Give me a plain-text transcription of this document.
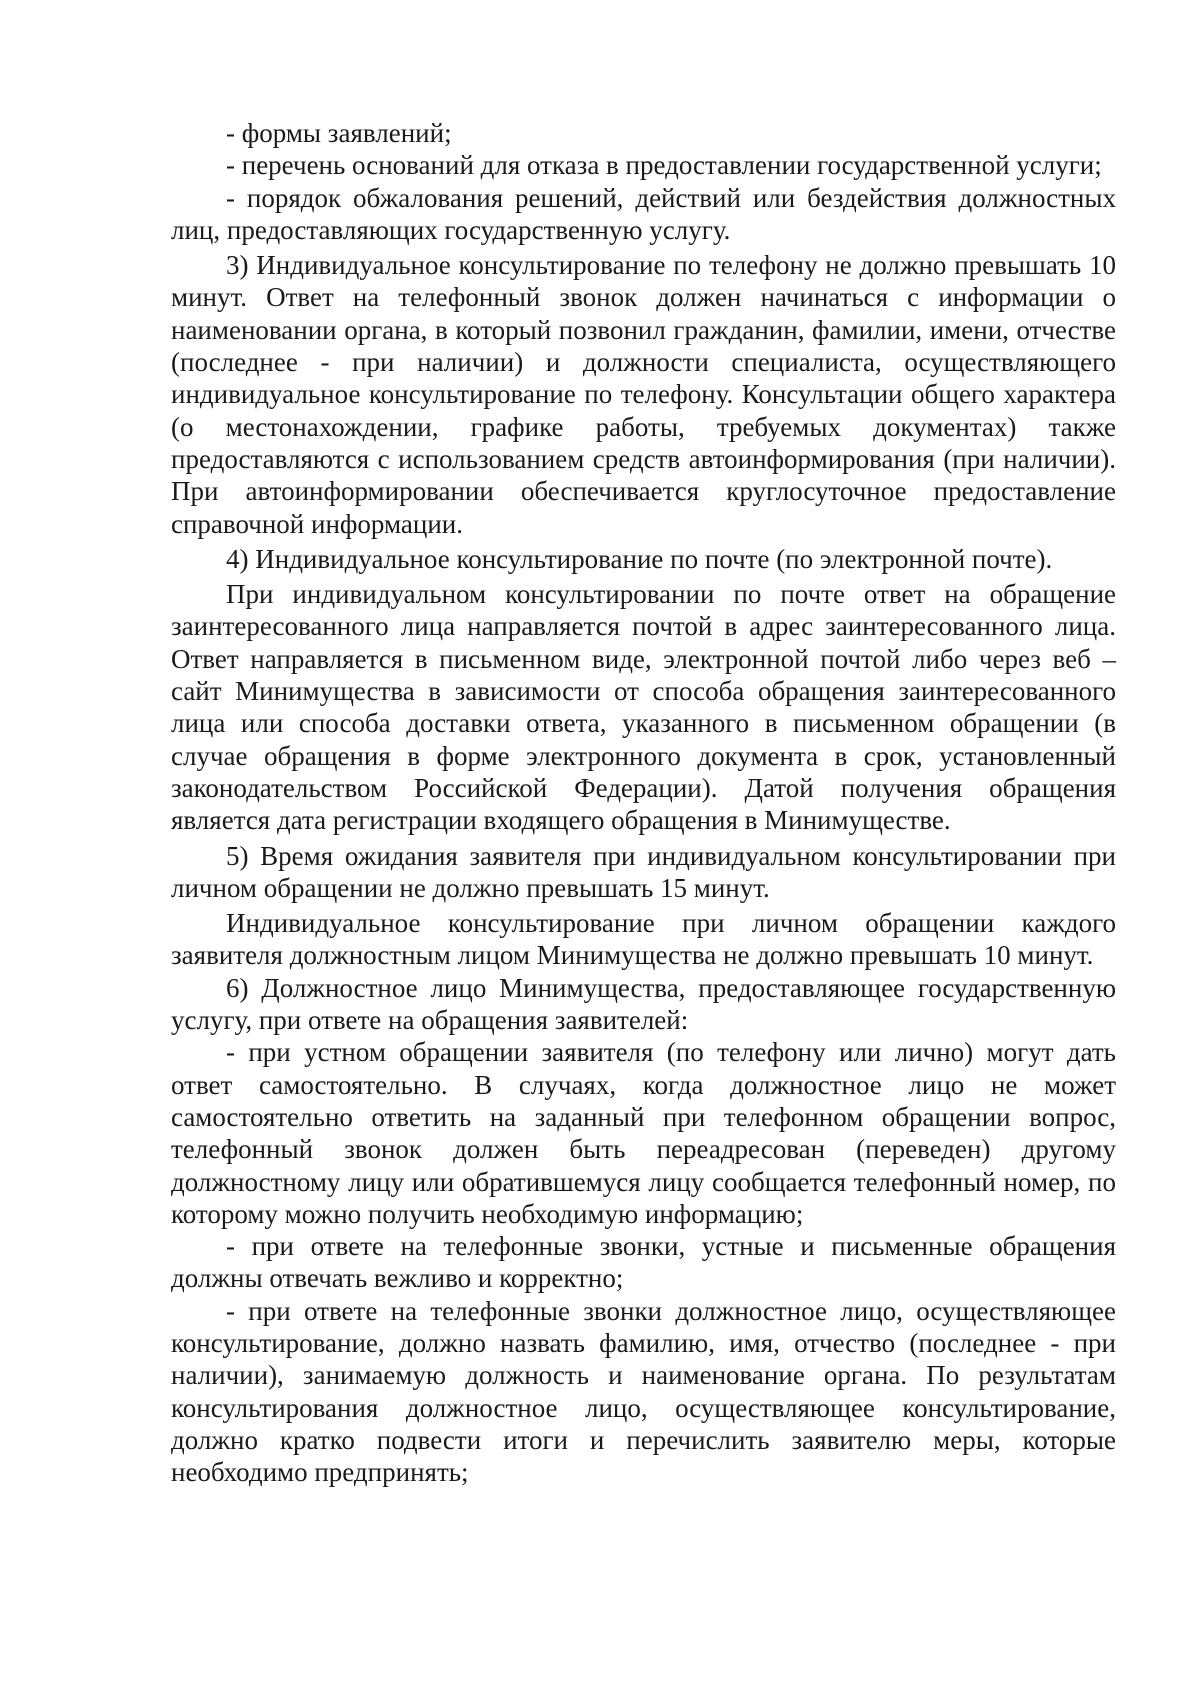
- формы заявлений;

- перечень оснований для отказа в предоставлении государственной услуги;

- порядок обжалования решений, действий или бездействия должностных лиц, предоставляющих государственную услугу.

3) Индивидуальное консультирование по телефону не должно превышать 10 минут. Ответ на телефонный звонок должен начинаться с информации о наименовании органа, в который позвонил гражданин, фамилии, имени, отчестве (последнее - при наличии) и должности специалиста, осуществляющего индивидуальное консультирование по телефону. Консультации общего характера (о местонахождении, графике работы, требуемых документах) также предоставляются с использованием средств автоинформирования (при наличии). При автоинформировании обеспечивается круглосуточное предоставление справочной информации.

4) Индивидуальное консультирование по почте (по электронной почте).

При индивидуальном консультировании по почте ответ на обращение заинтересованного лица направляется почтой в адрес заинтересованного лица. Ответ направляется в письменном виде, электронной почтой либо через веб – сайт Минимущества в зависимости от способа обращения заинтересованного лица или способа доставки ответа, указанного в письменном обращении (в случае обращения в форме электронного документа в срок, установленный законодательством Российской Федерации). Датой получения обращения является дата регистрации входящего обращения в Минимуществе.

5) Время ожидания заявителя при индивидуальном консультировании при личном обращении не должно превышать 15 минут.

Индивидуальное консультирование при личном обращении каждого заявителя должностным лицом Минимущества не должно превышать 10 минут.

6) Должностное лицо Минимущества, предоставляющее государственную услугу, при ответе на обращения заявителей:

- при устном обращении заявителя (по телефону или лично) могут дать ответ самостоятельно. В случаях, когда должностное лицо не может самостоятельно ответить на заданный при телефонном обращении вопрос, телефонный звонок должен быть переадресован (переведен) другому должностному лицу или обратившемуся лицу сообщается телефонный номер, по которому можно получить необходимую информацию;

- при ответе на телефонные звонки, устные и письменные обращения должны отвечать вежливо и корректно;

- при ответе на телефонные звонки должностное лицо, осуществляющее консультирование, должно назвать фамилию, имя, отчество (последнее - при наличии), занимаемую должность и наименование органа. По результатам консультирования должностное лицо, осуществляющее консультирование, должно кратко подвести итоги и перечислить заявителю меры, которые необходимо предпринять;
